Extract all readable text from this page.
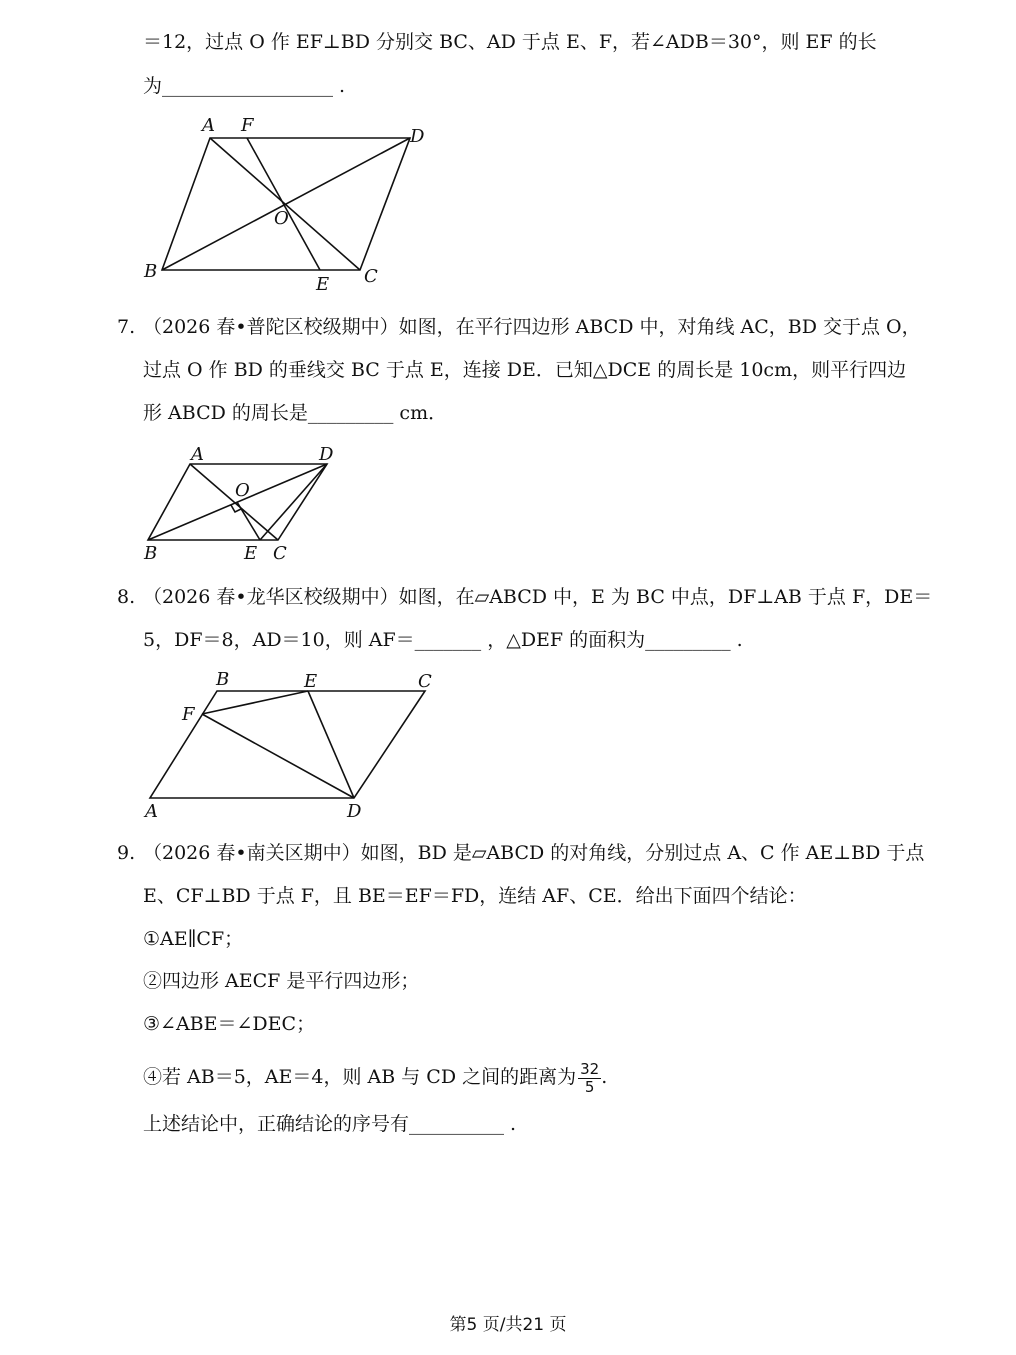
＝12，过点 O 作 EF⊥BD 分别交 BC、AD 于点 E、F，若∠ADB＝30°，则 EF 的长
为__________________ .
A F
D
O
B
E C
7. （2026 春•普陀区校级期中）如图，在平行四边形 ABCD 中，对角线 AC，BD 交于点 O，
过点 O 作 BD 的垂线交 BC 于点 E，连接 DE．已知△DCE 的周长是 10cm，则平行四边
形 ABCD 的周长是_________ cm．
A	D
O
B	E C
8. （2026 春•龙华区校级期中）如图，在▱ABCD 中，E 为 BC 中点，DF⊥AB 于点 F，DE＝
5，DF＝8，AD＝10，则 AF＝_______ ，△DEF 的面积为_________ .
B	E	C
F
A	D
9. （2026 春•南关区期中）如图，BD 是▱ABCD 的对角线，分别过点 A、C 作 AE⊥BD 于点
E、CF⊥BD 于点 F，且 BE＝EF＝FD，连结 AF、CE．给出下面四个结论：
①AE∥CF；
②四边形 AECF 是平行四边形；
③∠ABE＝∠DEC；
④若 AB＝5，AE＝4，则 AB 与 CD 之间的距离为 $\frac{32}{5}$ .
上述结论中，正确结论的序号有__________ .
第5 页/共21 页
